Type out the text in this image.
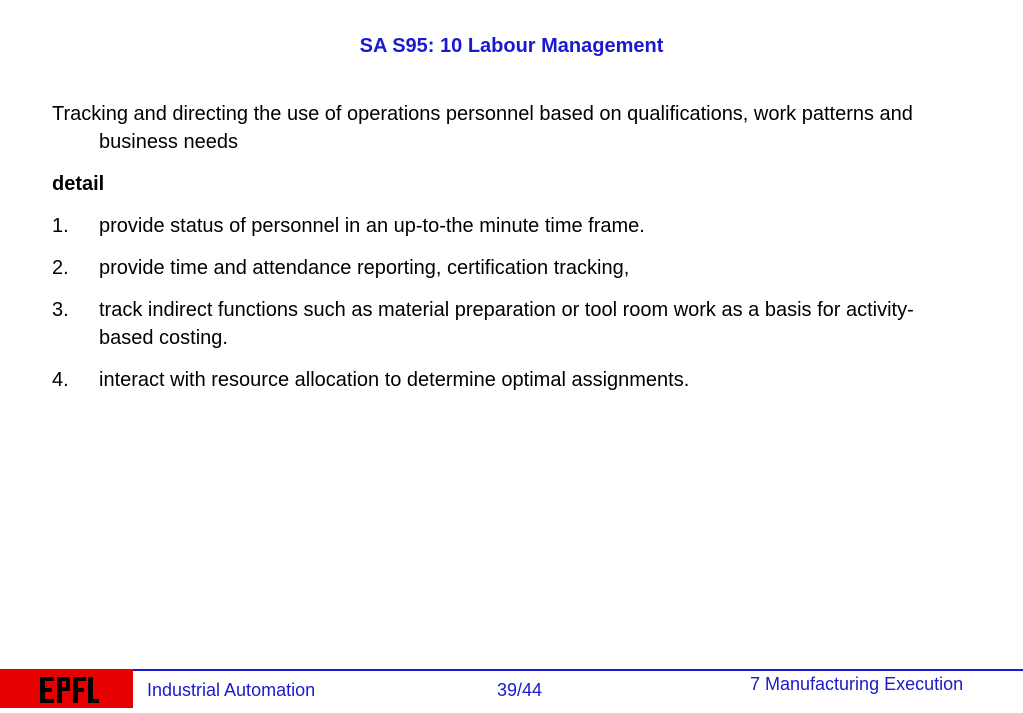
SA S95: 10 Labour Management
Tracking and directing the use of operations personnel based on qualifications, work patterns and business needs
detail
1.	provide status of personnel in an up-to-the minute time frame.
2.	provide time and attendance reporting, certification tracking,
3.	track indirect functions such as material preparation or tool room work as a basis for activity-based costing.
4.	interact with resource allocation to determine optimal assignments.
Industrial Automation	39/44	7 Manufacturing Execution
